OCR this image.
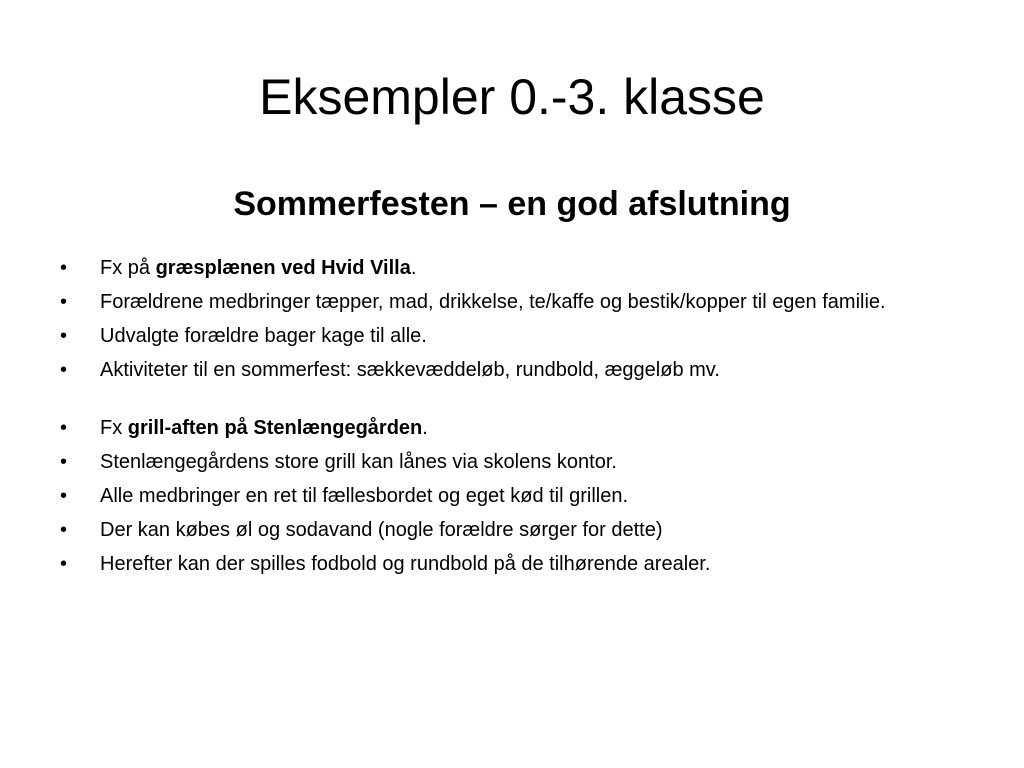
Eksempler 0.-3. klasse
Sommerfesten – en god afslutning
•	Fx på græsplænen ved Hvid Villa.
•	Forældrene medbringer tæpper, mad, drikkelse, te/kaffe og bestik/kopper til egen familie.
•	Udvalgte forældre bager kage til alle.
•	Aktiviteter til en sommerfest: sækkevæddeløb, rundbold, æggeløb mv.
•	Fx grill-aften på Stenlængegården.
•	Stenlængegårdens store grill kan lånes via skolens kontor.
•	Alle medbringer en ret til fællesbordet og eget kød til grillen.
•	Der kan købes øl og sodavand (nogle forældre sørger for dette)
•	Herefter kan der spilles fodbold og rundbold på de tilhørende arealer.
